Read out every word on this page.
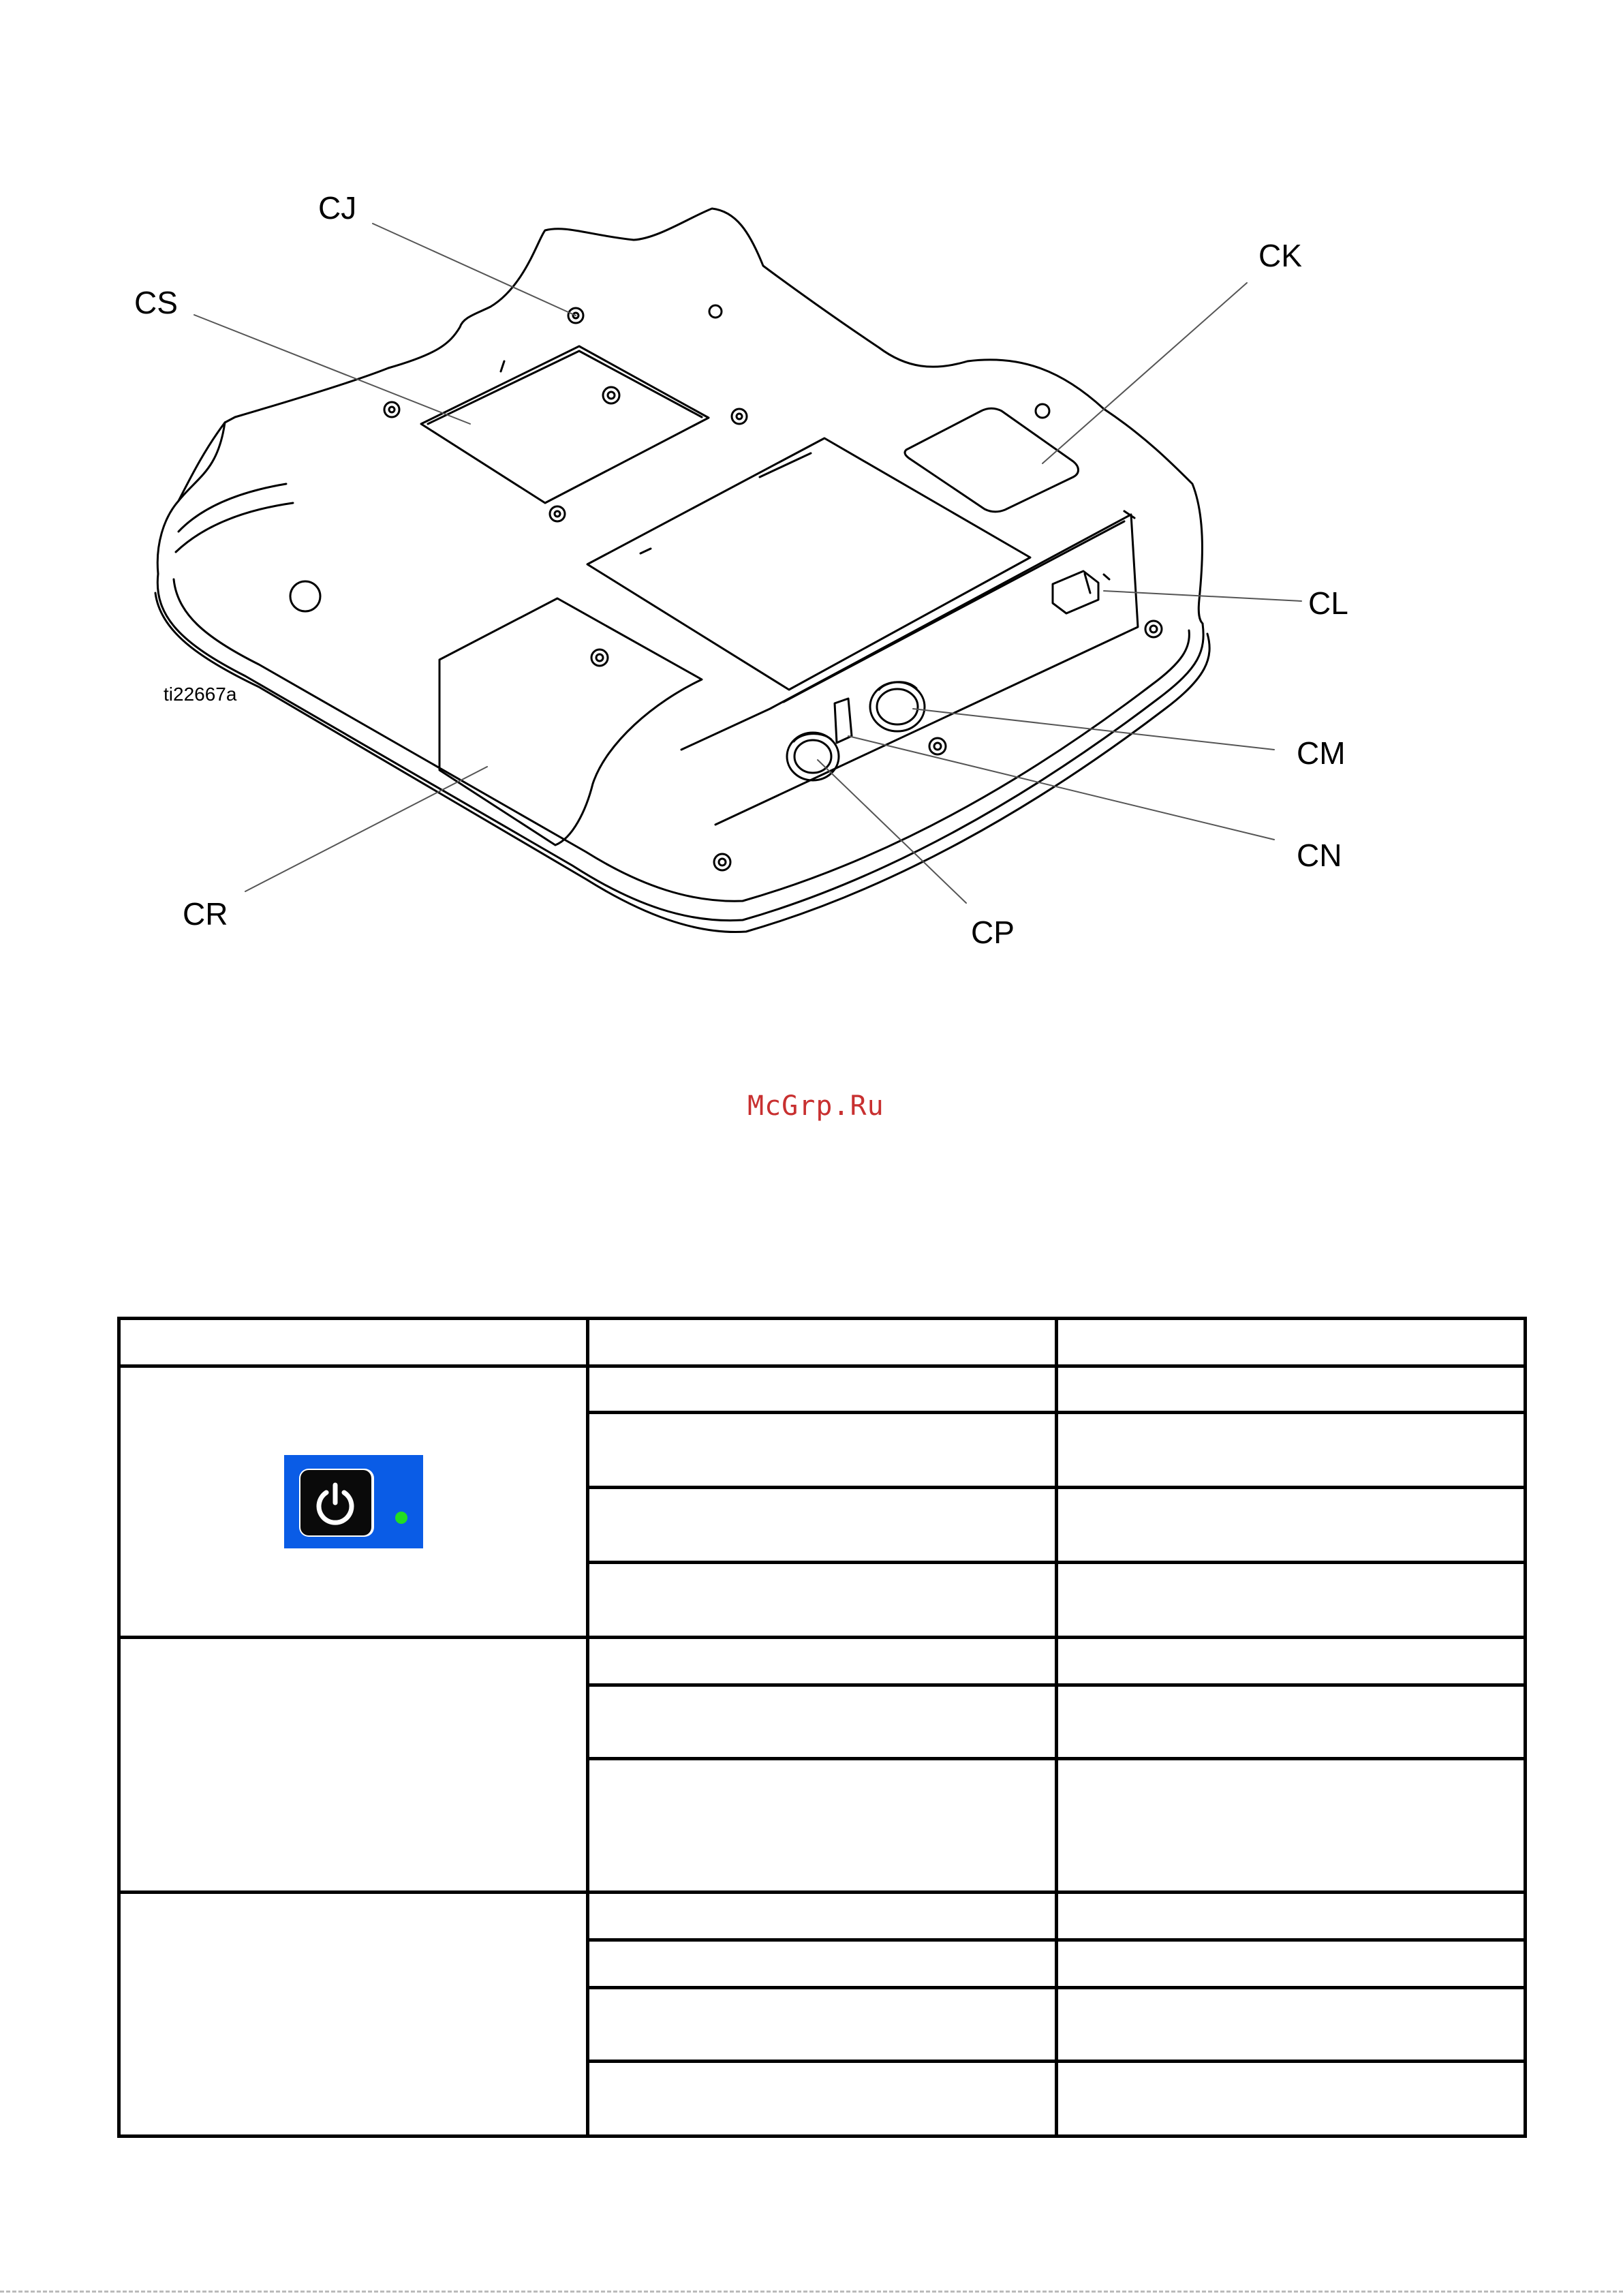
CJ
CS
CK
CL
CM
CN
CP
CR
ti22667a
McGrp.Ru
